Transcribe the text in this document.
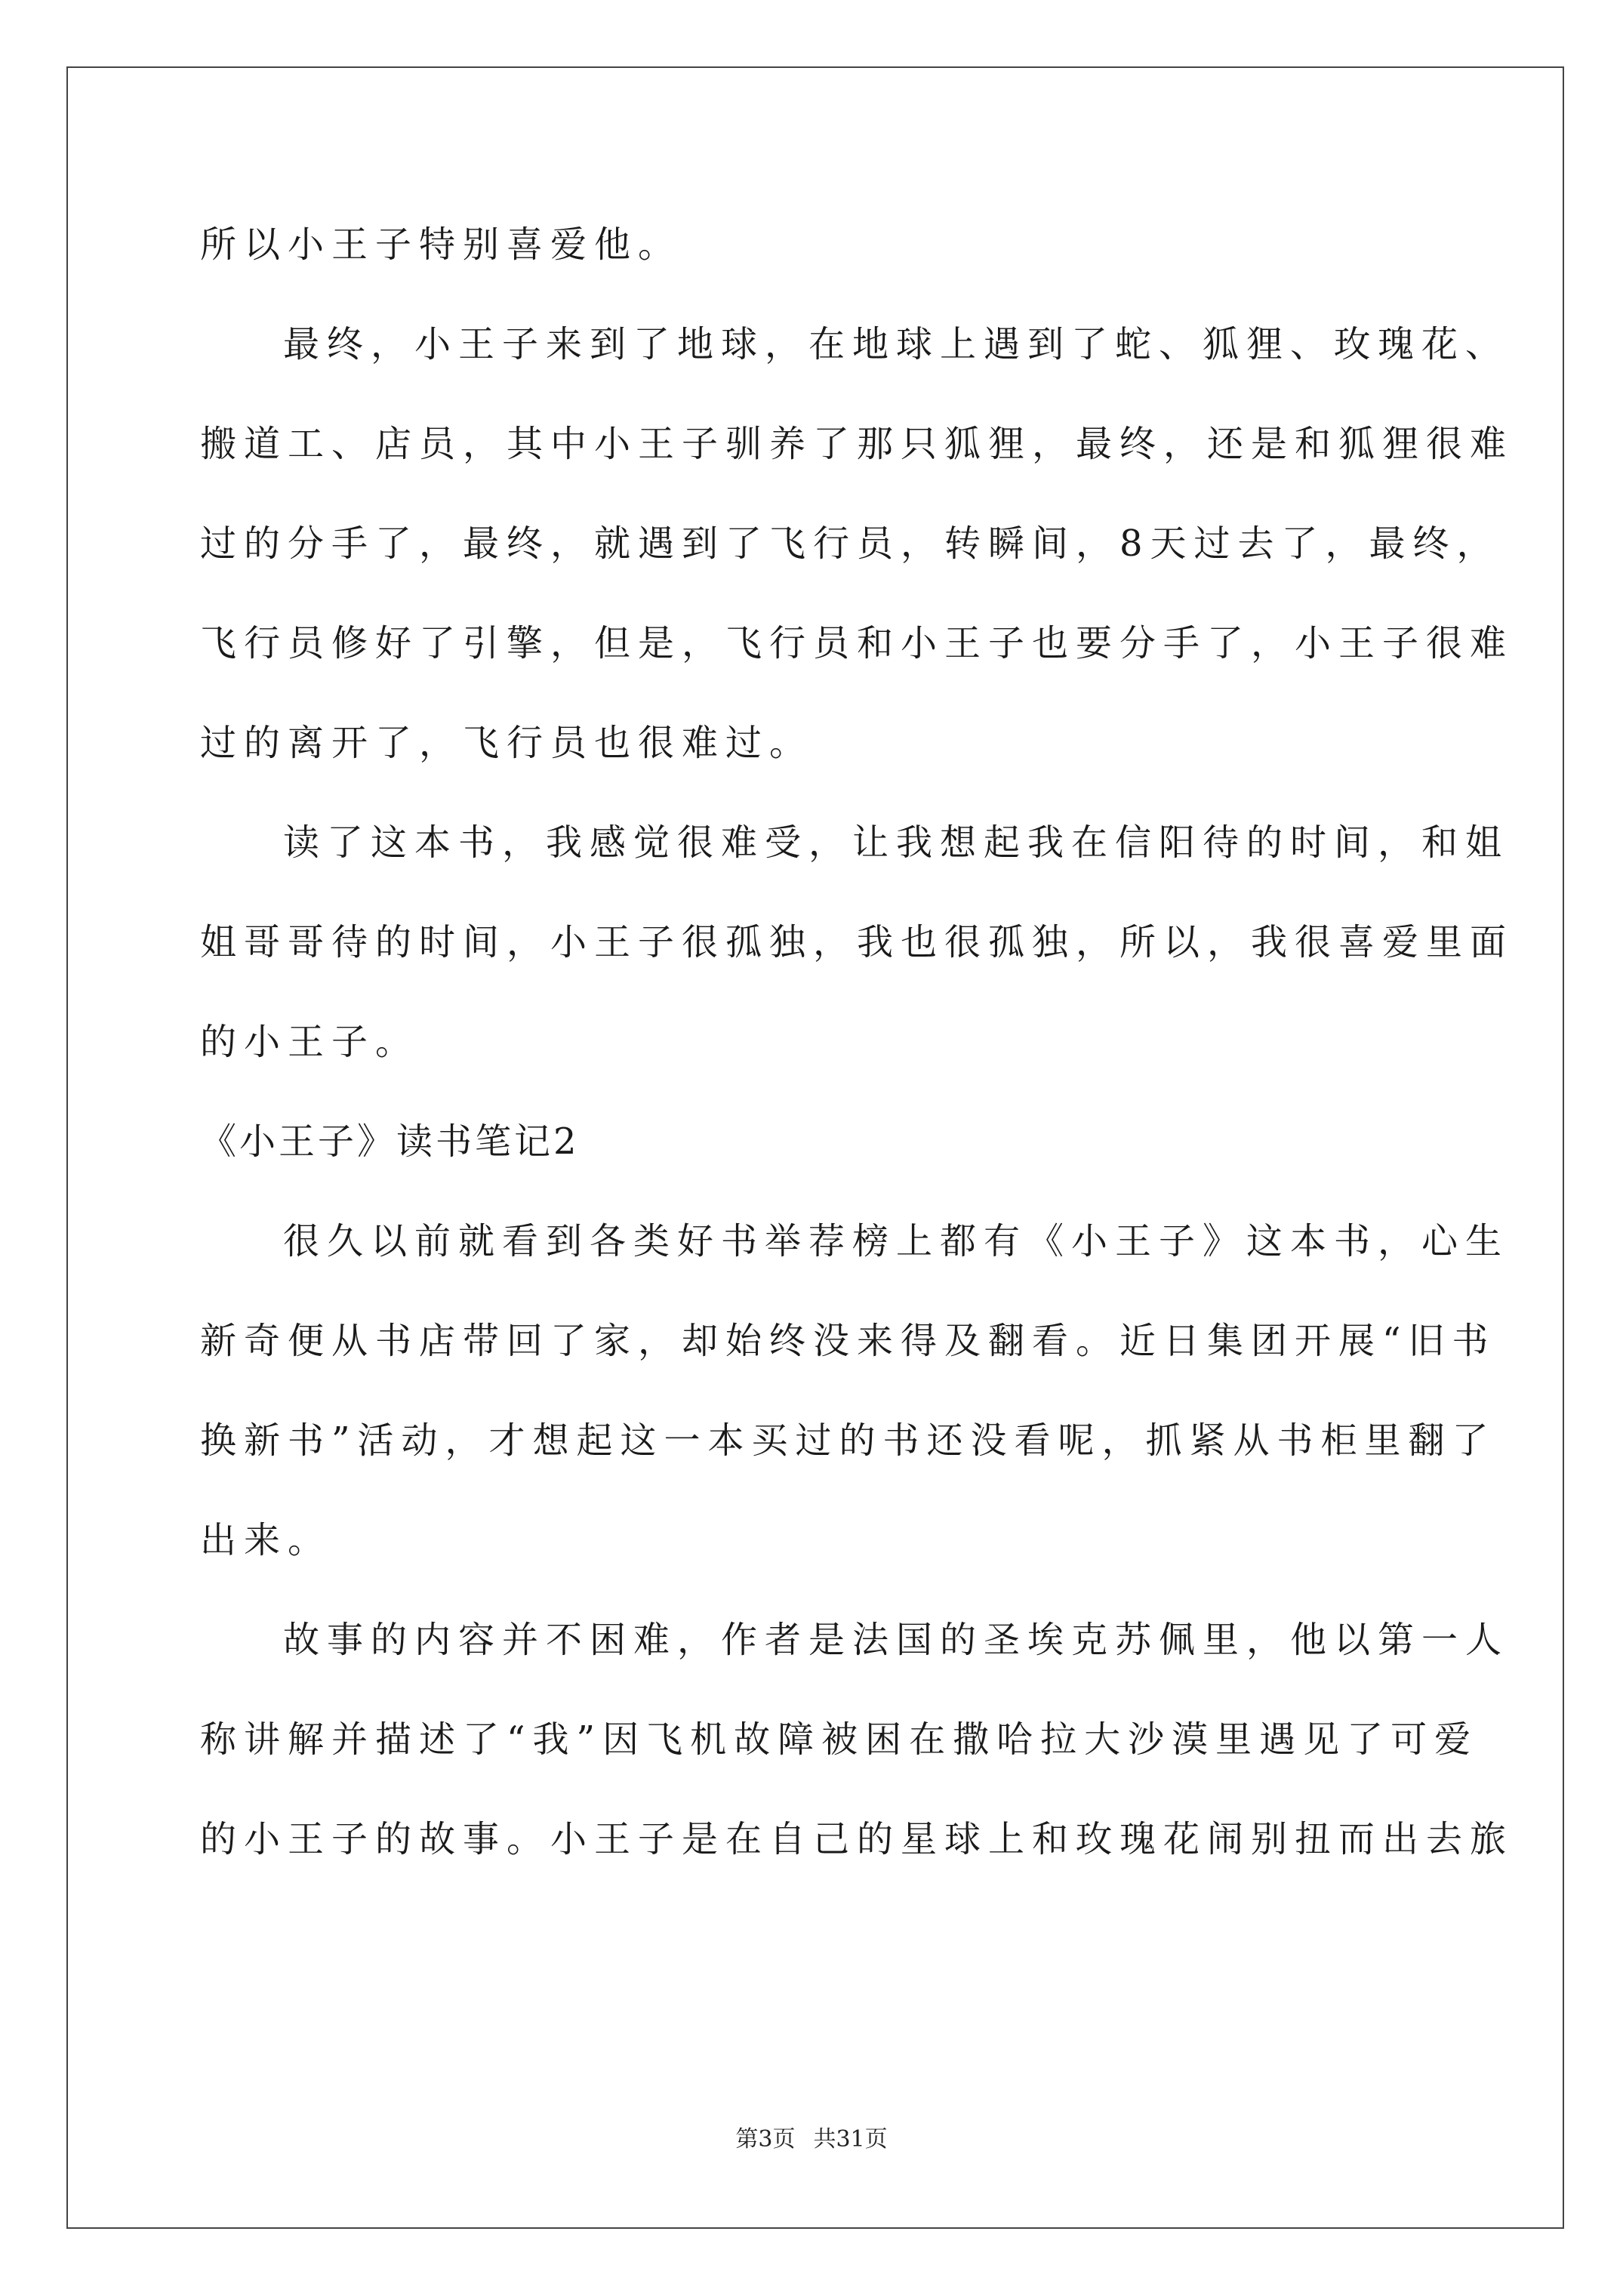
所以小王子特别喜爱他。
最终，小王子来到了地球，在地球上遇到了蛇、狐狸、玫瑰花、
搬道工、店员，其中小王子驯养了那只狐狸，最终，还是和狐狸很难
过的分手了，最终，就遇到了飞行员，转瞬间，8天过去了，最终，
飞行员修好了引擎，但是，飞行员和小王子也要分手了，小王子很难
过的离开了，飞行员也很难过。
读了这本书，我感觉很难受，让我想起我在信阳待的时间，和姐
姐哥哥待的时间，小王子很孤独，我也很孤独，所以，我很喜爱里面
的小王子。
《小王子》读书笔记2
很久以前就看到各类好书举荐榜上都有《小王子》这本书，心生
新奇便从书店带回了家，却始终没来得及翻看。近日集团开展“旧书
换新书”活动，才想起这一本买过的书还没看呢，抓紧从书柜里翻了
出来。
故事的内容并不困难，作者是法国的圣埃克苏佩里，他以第一人
称讲解并描述了“我”因飞机故障被困在撒哈拉大沙漠里遇见了可爱
的小王子的故事。小王子是在自己的星球上和玫瑰花闹别扭而出去旅
第3页 共31页
